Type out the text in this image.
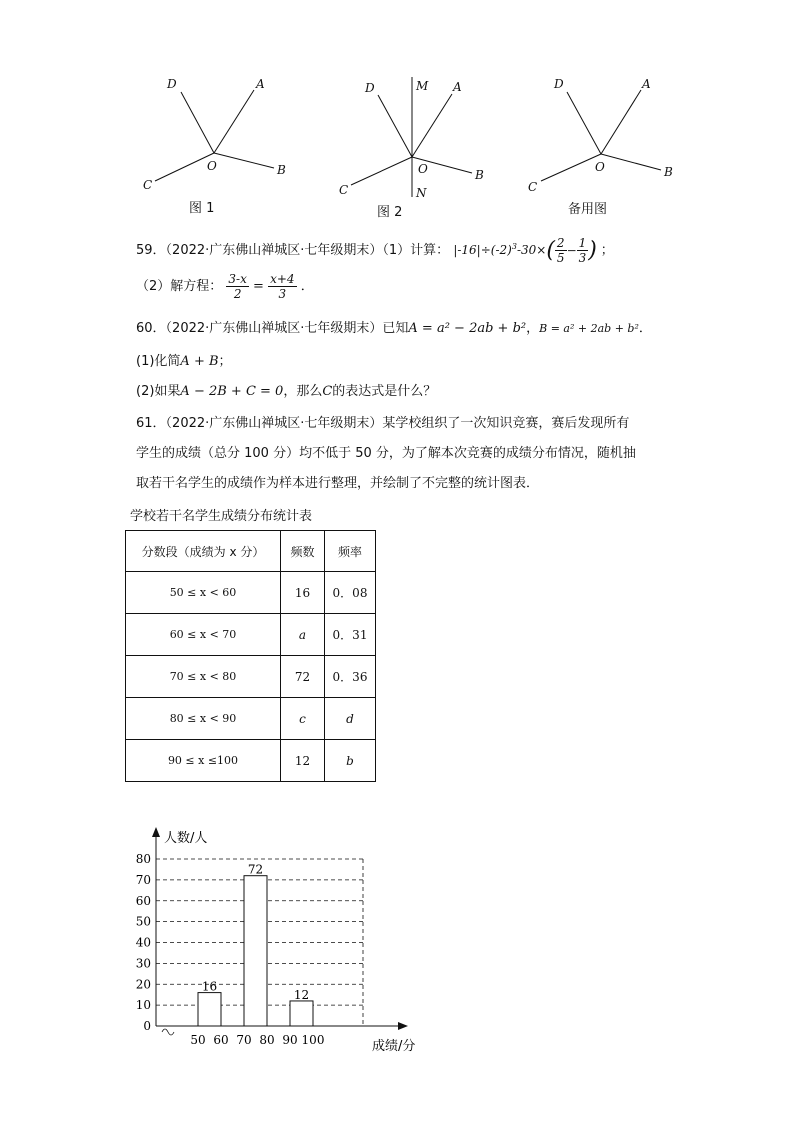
D	A
O	B
C
图 1
D	M A
O	B
C	N
图 2
D	A
O	B
C
备用图
59．（2022·广东佛山禅城区·七年级期末）（1）计算： $|-16|\div(-2)^3-30\times( \frac{2}{5} - \frac{1}{3}$ ) ；
（2）解方程： $\frac{3-x}{2} = \frac{x+4}{3}$ ．
60．（2022·广东佛山禅城区·七年级期末）已知A = a² − 2ab + b²，B = a² + 2ab + b²．
(1)化简A + B；
(2)如果A − 2B + C = 0，那么C的表达式是什么？
61．（2022·广东佛山禅城区·七年级期末）某学校组织了一次知识竞赛，赛后发现所有
学生的成绩（总分 100 分）均不低于 50 分，为了解本次竞赛的成绩分布情况，随机抽
取若干名学生的成绩作为样本进行整理，并绘制了不完整的统计图表．
学校若干名学生成绩分布统计表
分数段（成绩为 x 分）	频数	频率
50 ≤ x < 60	16	0．08
60 ≤ x < 70	a	0．31
70 ≤ x < 80	72	0．36
80 ≤ x < 90	c	d
90 ≤ x ≤100	12	b
0
10
20
30
40
50
60
70
80
16
72
12
50 60 70 80 90 100
人数/人
成绩/分
